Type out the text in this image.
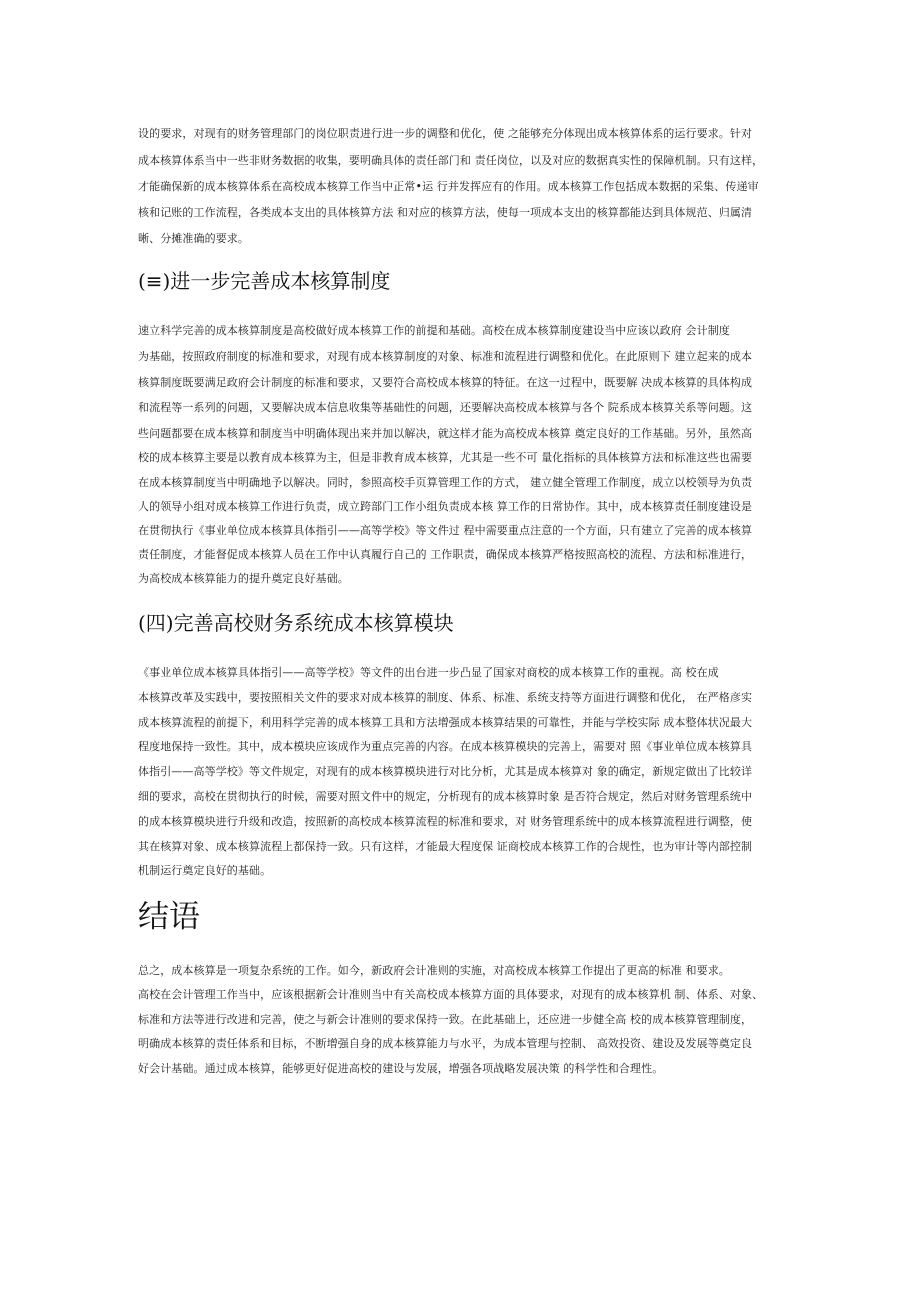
设的要求，对现有的财务管理部门的岗位职责进行进一步的调整和优化，使 之能够充分体现出成本核算体系的运行要求。针对
成本核算体系当中一些非财务数据的收集，要明确具体的责任部门和 责任岗位，以及对应的数据真实性的保障机制。只有这样，
才能确保新的成本核算体系在高校成本核算工作当中正常•运 行并发挥应有的作用。成本核算工作包括成本数据的采集、传递审
核和记账的工作流程，各类成本支出的具体核算方法 和对应的核算方法，使每一项成本支出的核算都能达到具体规范、归属清
晰、分摊准确的要求。
(≡)进一步完善成本核算制度
速立科学完善的成本核算制度是高校做好成本核算工作的前提和基础。高校在成本核算制度建设当中应该以政府 会计制度
为基础，按照政府制度的标准和要求，对现有成本核算制度的对象、标准和流程进行调整和优化。在此原则下 建立起来的成本
核算制度既要满足政府会计制度的标准和要求，又要符合高校成本核算的特征。在这一过程中，既要解 决成本核算的具体构成
和流程等一系列的问题，又要解决成本信息收集等基础性的问题，还要解决高校成本核算与各个 院系成本核算关系等问题。这
些问题都要在成本核算和制度当中明确体现出来并加以解决，就这样才能为高校成本核算 奠定良好的工作基础。另外，虽然高
校的成本核算主要是以教育成本核算为主，但是非教育成本核算，尤其是一些不可 量化指标的具体核算方法和标准这些也需要
在成本核算制度当中明确地予以解决。同时，参照高校手页算管理工作的方式， 建立健全管理工作制度，成立以校领导为负责
人的领导小组对成本核算工作进行负责，成立跨部门工作小组负责成本核 算工作的日常协作。其中，成本核算责任制度建设是
在贯彻执行《事业单位成本核算具体指引——高等学校》等文件过 程中需要重点注意的一个方面，只有建立了完善的成本核算
责任制度，才能督促成本核算人员在工作中认真履行自己的 工作职责，确保成本核算严格按照高校的流程、方法和标准进行，
为高校成本核算能力的提升奠定良好基础。
(四)完善高校财务系统成本核算模块
《事业单位成本核算具体指引——高等学校》等文件的出台进一步凸显了国家对商校的成本核算工作的重视。高 校在成
本核算改革及实践中，要按照相关文件的要求对成本核算的制度、体系、标准、系统支持等方面进行调整和优化， 在严格彦实
成本核算流程的前提下，利用科学完善的成本核算工具和方法增强成本核算结果的可靠性，并能与学校实际 成本整体状况最大
程度地保持一致性。其中，成本模块应该成作为重点完善的内容。在成本核算模块的完善上，需要对 照《事业单位成本核算具
体指引——高等学校》等文件规定，对现有的成本核算模块进行对比分析，尤其是成本核算对 象的确定，新规定做出了比较详
细的要求，高校在贯彻执行的时候，需要对照文件中的规定，分析现有的成本核算时象 是否符合规定，然后对财务管理系统中
的成本核算模块进行升级和改造，按照新的高校成本核算流程的标准和要求，对 财务管理系统中的成本核算流程进行调整，使
其在核算对象、成本核算流程上都保持一致。只有这样，才能最大程度保 证商校成本核算工作的合规性，也为审计等内部控制
机制运行奠定良好的基础。
结语
总之，成本核算是一项复杂系统的工作。如今，新政府会计准则的实施，对高校成本核算工作提出了更高的标准 和要求。
高校在会计管理工作当中，应该根据新会计准则当中有关高校成本核算方面的具体要求，对现有的成本核算机 制、体系、对象、
标准和方法等进行改进和完善，使之与新会计准则的要求保持一致。在此基础上，还应进一步健全高 校的成本核算管理制度，
明确成本核算的责任体系和目标，不断增强自身的成本核算能力与水平，为成本管理与控制、 高效投资、建设及发展等奠定良
好会计基础。通过成本核算，能够更好促进高校的建设与发展，增强各项战略发展决策 的科学性和合理性。
